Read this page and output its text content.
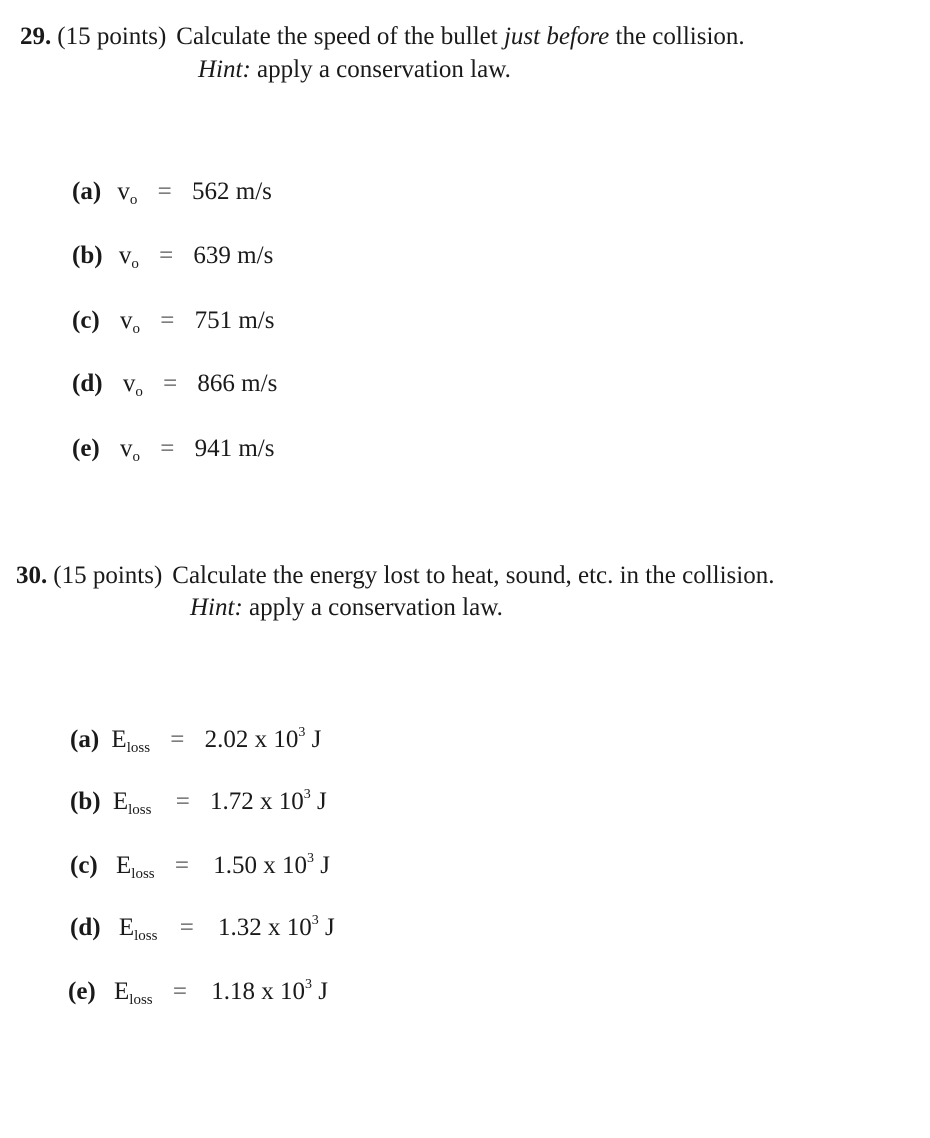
29. (15 points) Calculate the speed of the bullet just before the collision.
Hint: apply a conservation law.
(a) $v_o = 562$ m/s
(b) $v_o = 639$ m/s
(c) $v_o = 751$ m/s
(d) $v_o = 866$ m/s
(e) $v_o = 941$ m/s
30. (15 points) Calculate the energy lost to heat, sound, etc. in the collision.
Hint: apply a conservation law.
(a) $E_{loss} = 2.02$ x $10^3$ J
(b) $E_{loss} = 1.72$ x $10^3$ J
(c) $E_{loss} = 1.50$ x $10^3$ J
(d) $E_{loss} = 1.32$ x $10^3$ J
(e) $E_{loss} = 1.18$ x $10^3$ J
